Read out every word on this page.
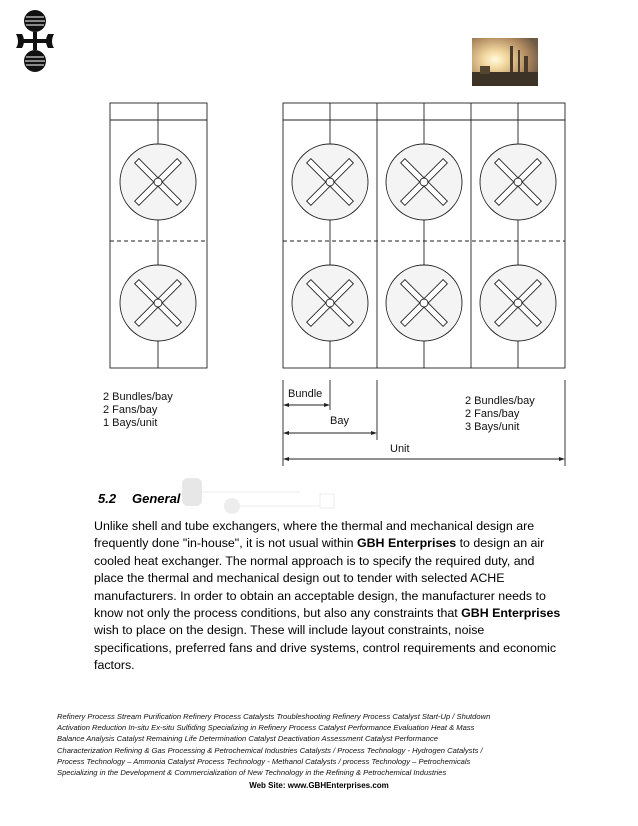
2 Bundles/bay
2 Fans/bay
1 Bays/unit
2 Bundles/bay
2 Fans/bay
3 Bays/unit
Bundle
Bay
Unit
5.2 General
Unlike shell and tube exchangers, where the thermal and mechanical design are frequently done "in-house", it is not usual within GBH Enterprises to design an air cooled heat exchanger. The normal approach is to specify the required duty, and place the thermal and mechanical design out to tender with selected ACHE manufacturers. In order to obtain an acceptable design, the manufacturer needs to know not only the process conditions, but also any constraints that GBH Enterprises wish to place on the design. These will include layout constraints, noise specifications, preferred fans and drive systems, control requirements and economic factors.
Refinery Process Stream Purification Refinery Process Catalysts Troubleshooting Refinery Process Catalyst Start-Up / Shutdown
Activation Reduction In-situ Ex-situ Sulfiding Specializing in Refinery Process Catalyst Performance Evaluation Heat & Mass
Balance Analysis Catalyst Remaining Life Determination Catalyst Deactivation Assessment Catalyst Performance
Characterization Refining & Gas Processing & Petrochemical Industries Catalysts / Process Technology - Hydrogen Catalysts /
Process Technology – Ammonia Catalyst Process Technology - Methanol Catalysts / process Technology – Petrochemicals
Specializing in the Development & Commercialization of New Technology in the Refining & Petrochemical Industries
Web Site: www.GBHEnterprises.com
